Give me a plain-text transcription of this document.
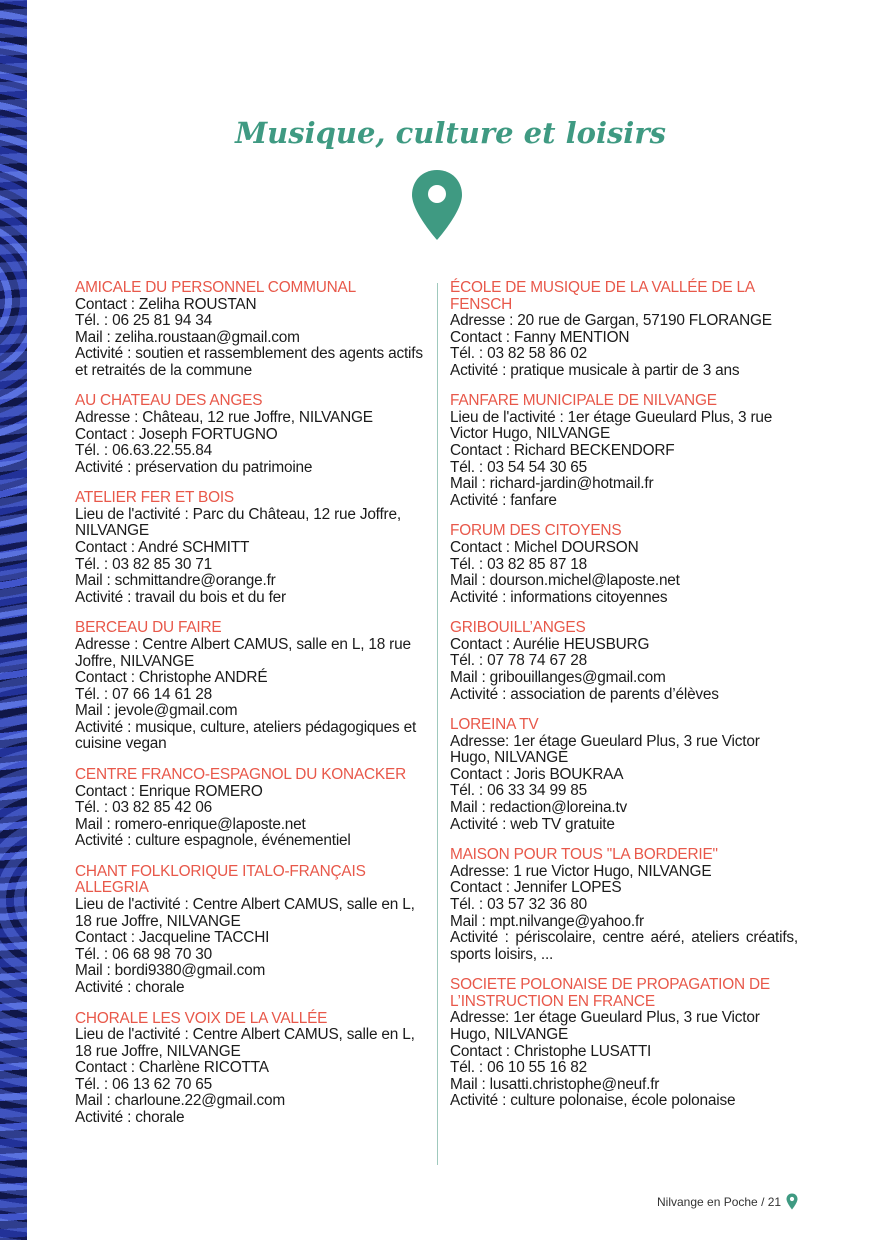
Musique, culture et loisirs
AMICALE DU PERSONNEL COMMUNAL
Contact : Zeliha ROUSTAN
Tél. : 06 25 81 94 34
Mail : zeliha.roustaan@gmail.com
Activité : soutien et rassemblement des agents actifs et retraités de la commune
AU CHATEAU DES ANGES
Adresse : Château, 12 rue Joffre, NILVANGE
Contact : Joseph FORTUGNO
Tél. : 06.63.22.55.84
Activité : préservation du patrimoine
ATELIER FER ET BOIS
Lieu de l'activité : Parc du Château, 12 rue Joffre, NILVANGE
Contact : André SCHMITT
Tél. : 03 82 85 30 71
Mail : schmittandre@orange.fr
Activité : travail du bois et du fer
BERCEAU DU FAIRE
Adresse : Centre Albert CAMUS, salle en L, 18 rue Joffre, NILVANGE
Contact : Christophe ANDRÉ
Tél. : 07 66 14 61 28
Mail : jevole@gmail.com
Activité : musique, culture, ateliers pédagogiques et cuisine vegan
CENTRE FRANCO-ESPAGNOL DU KONACKER
Contact : Enrique ROMERO
Tél. : 03 82 85 42 06
Mail : romero-enrique@laposte.net
Activité : culture espagnole, événementiel
CHANT FOLKLORIQUE ITALO-FRANÇAIS ALLEGRIA
Lieu de l'activité : Centre Albert CAMUS, salle en L, 18 rue Joffre, NILVANGE
Contact : Jacqueline TACCHI
Tél. : 06 68 98 70 30
Mail : bordi9380@gmail.com
Activité : chorale
CHORALE LES VOIX DE LA VALLÉE
Lieu de l'activité : Centre Albert CAMUS, salle en L, 18 rue Joffre, NILVANGE
Contact : Charlène RICOTTA
Tél. : 06 13 62 70 65
Mail : charloune.22@gmail.com
Activité : chorale
ÉCOLE DE MUSIQUE DE LA VALLÉE DE LA FENSCH
Adresse : 20 rue de Gargan, 57190 FLORANGE
Contact : Fanny MENTION
Tél. : 03 82 58 86 02
Activité : pratique musicale à partir de 3 ans
FANFARE MUNICIPALE DE NILVANGE
Lieu de l'activité : 1er étage Gueulard Plus, 3 rue Victor Hugo, NILVANGE
Contact : Richard BECKENDORF
Tél. : 03 54 54 30 65
Mail : richard-jardin@hotmail.fr
Activité : fanfare
FORUM DES CITOYENS
Contact : Michel DOURSON
Tél. : 03 82 85 87 18
Mail : dourson.michel@laposte.net
Activité : informations citoyennes
GRIBOUILL’ANGES
Contact : Aurélie HEUSBURG
Tél. : 07 78 74 67 28
Mail : gribouillanges@gmail.com
Activité : association de parents d’élèves
LOREINA TV
Adresse: 1er étage Gueulard Plus, 3 rue Victor Hugo, NILVANGE
Contact : Joris BOUKRAA
Tél. : 06 33 34 99 85
Mail : redaction@loreina.tv
Activité : web TV gratuite
MAISON POUR TOUS "LA BORDERIE"
Adresse: 1 rue Victor Hugo, NILVANGE
Contact : Jennifer LOPES
Tél. : 03 57 32 36 80
Mail : mpt.nilvange@yahoo.fr
Activité : périscolaire, centre aéré, ateliers créatifs, sports loisirs, ...
SOCIETE POLONAISE DE PROPAGATION DE L’INSTRUCTION EN FRANCE
Adresse: 1er étage Gueulard Plus, 3 rue Victor Hugo, NILVANGE
Contact : Christophe LUSATTI
Tél. : 06 10 55 16 82
Mail : lusatti.christophe@neuf.fr
Activité : culture polonaise, école polonaise
Nilvange en Poche / 21
